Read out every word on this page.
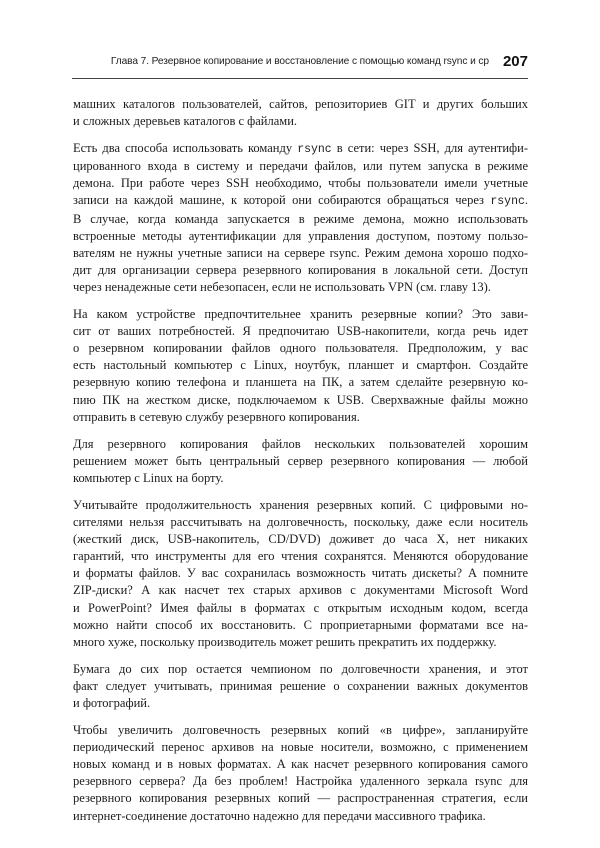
Глава 7. Резервное копирование и восстановление с помощью команд rsync и cp 207

машних каталогов пользователей, сайтов, репозиториев GIT и других больших
и сложных деревьев каталогов с файлами.

Есть два способа использовать команду rsync в сети: через SSH, для аутентифи-
цированного входа в систему и передачи файлов, или путем запуска в режиме
демона. При работе через SSH необходимо, чтобы пользователи имели учетные
записи на каждой машине, к которой они собираются обращаться через rsync.
В случае, когда команда запускается в режиме демона, можно использовать
встроенные методы аутентификации для управления доступом, поэтому пользо-
вателям не нужны учетные записи на сервере rsync. Режим демона хорошо подхо-
дит для организации сервера резервного копирования в локальной сети. Доступ
через ненадежные сети небезопасен, если не использовать VPN (см. главу 13).

На каком устройстве предпочтительнее хранить резервные копии? Это зави-
сит от ваших потребностей. Я предпочитаю USB-накопители, когда речь идет
о резервном копировании файлов одного пользователя. Предположим, у вас
есть настольный компьютер с Linux, ноутбук, планшет и смартфон. Создайте
резервную копию телефона и планшета на ПК, а затем сделайте резервную ко-
пию ПК на жестком диске, подключаемом к USB. Сверхважные файлы можно
отправить в сетевую службу резервного копирования.

Для резервного копирования файлов нескольких пользователей хорошим
решением может быть центральный сервер резервного копирования — любой
компьютер с Linux на борту.

Учитывайте продолжительность хранения резервных копий. С цифровыми но-
сителями нельзя рассчитывать на долговечность, поскольку, даже если носитель
(жесткий диск, USB-накопитель, CD/DVD) доживет до часа X, нет никаких
гарантий, что инструменты для его чтения сохранятся. Меняются оборудование
и форматы файлов. У вас сохранилась возможность читать дискеты? А помните
ZIP-диски? А как насчет тех старых архивов с документами Microsoft Word
и PowerPoint? Имея файлы в форматах с открытым исходным кодом, всегда
можно найти способ их восстановить. С проприетарными форматами все на-
много хуже, поскольку производитель может решить прекратить их поддержку.

Бумага до сих пор остается чемпионом по долговечности хранения, и этот
факт следует учитывать, принимая решение о сохранении важных документов
и фотографий.

Чтобы увеличить долговечность резервных копий «в цифре», запланируйте
периодический перенос архивов на новые носители, возможно, с применением
новых команд и в новых форматах. А как насчет резервного копирования самого
резервного сервера? Да без проблем! Настройка удаленного зеркала rsync для
резервного копирования резервных копий — распространенная стратегия, если
интернет-соединение достаточно надежно для передачи массивного трафика.
